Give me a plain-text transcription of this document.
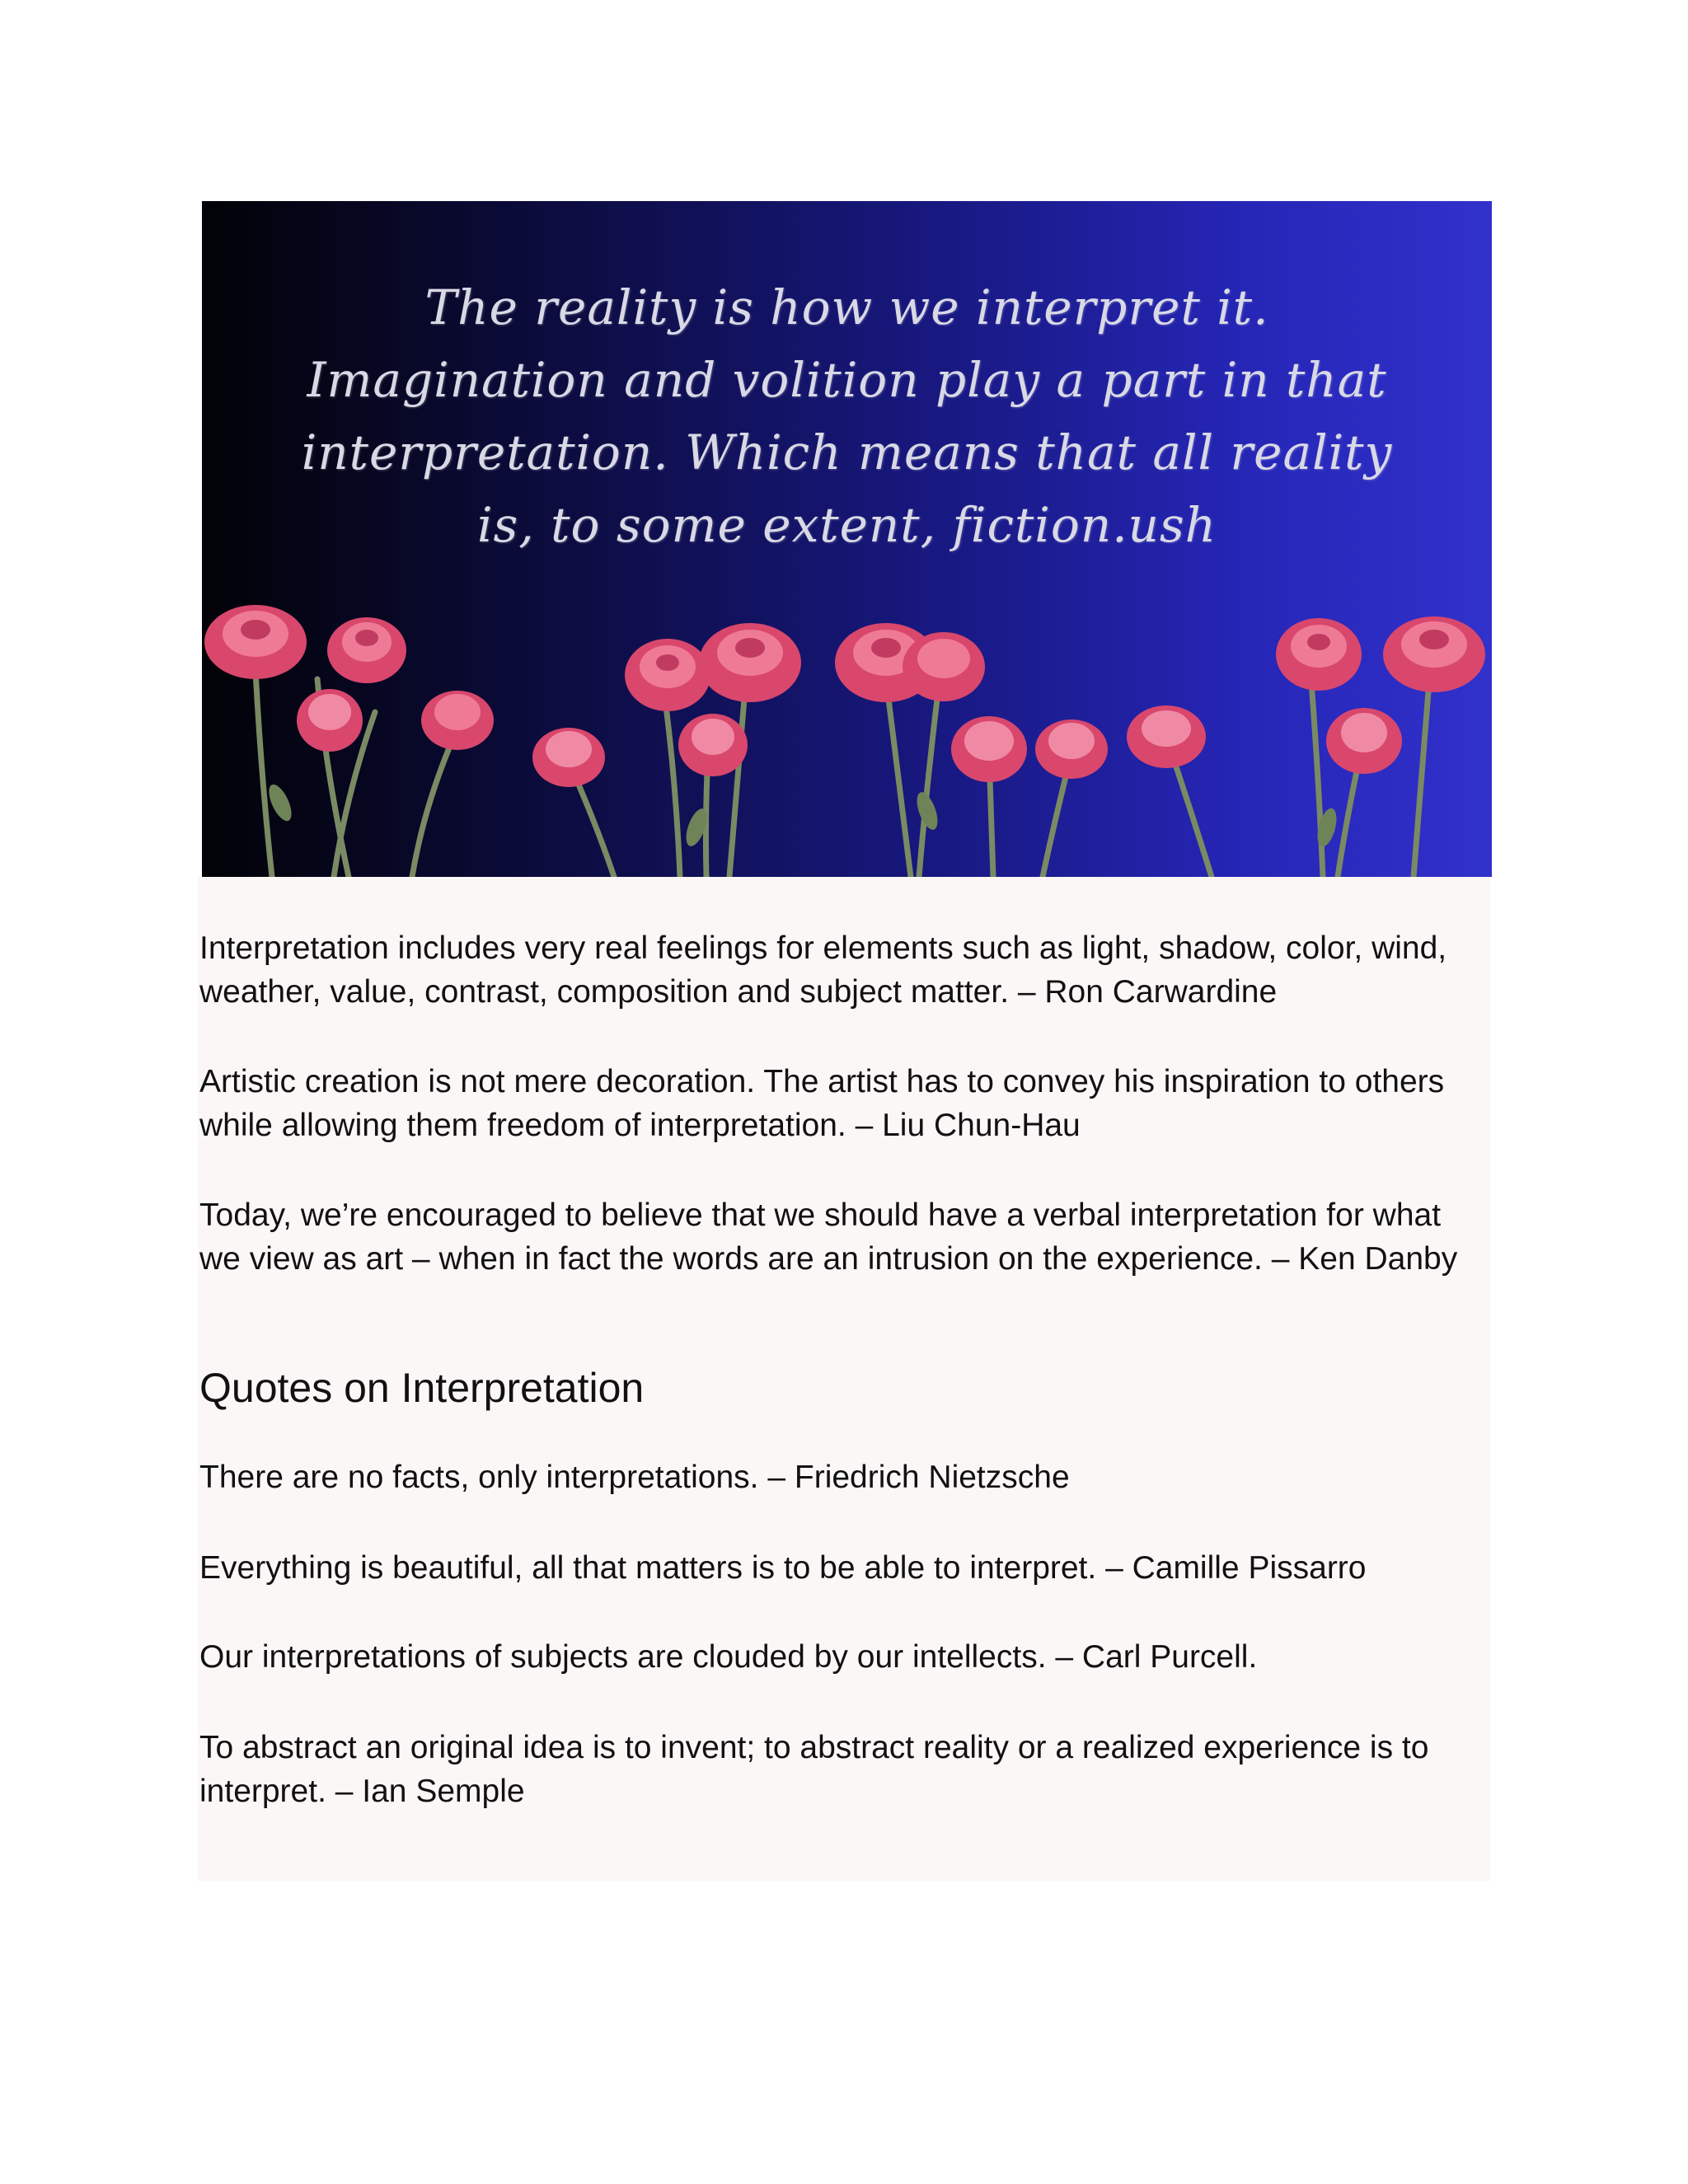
The reality is how we interpret it. Imagination and volition play a part in that interpretation. Which means that all reality is, to some extent, fiction.ush

Interpretation includes very real feelings for elements such as light, shadow, color, wind, weather, value, contrast, composition and subject matter. – Ron Carwardine

Artistic creation is not mere decoration. The artist has to convey his inspiration to others while allowing them freedom of interpretation. – Liu Chun-Hau

Today, we’re encouraged to believe that we should have a verbal interpretation for what we view as art – when in fact the words are an intrusion on the experience. – Ken Danby

Quotes on Interpretation

There are no facts, only interpretations. – Friedrich Nietzsche

Everything is beautiful, all that matters is to be able to interpret. – Camille Pissarro

Our interpretations of subjects are clouded by our intellects. – Carl Purcell.

To abstract an original idea is to invent; to abstract reality or a realized experience is to interpret. – Ian Semple
